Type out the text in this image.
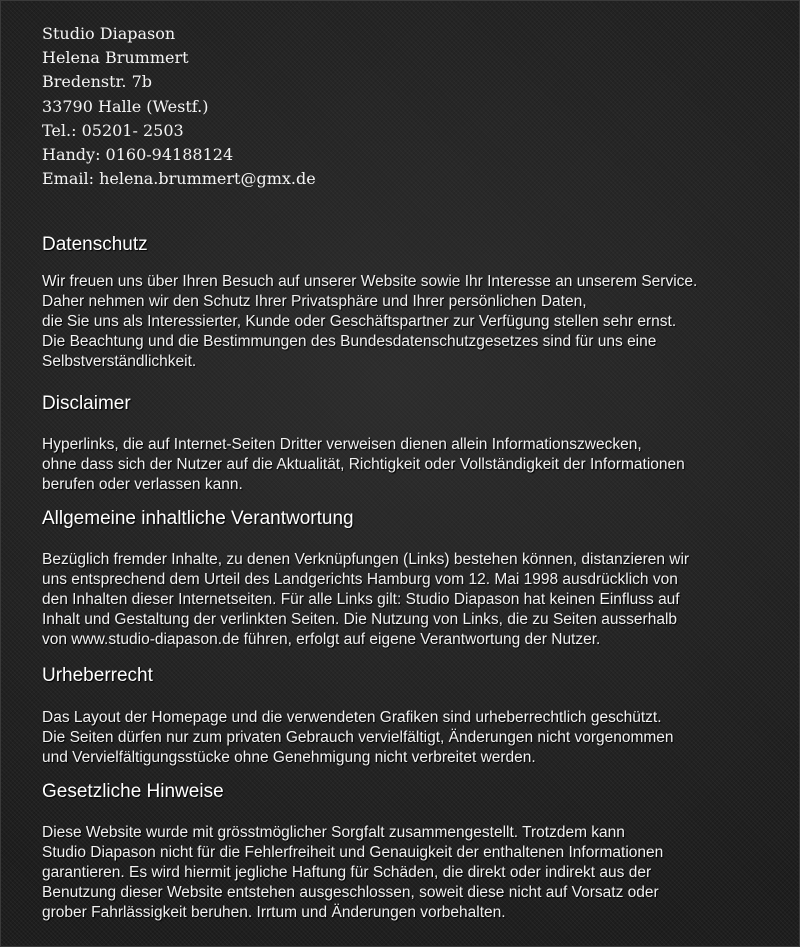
Studio Diapason
Helena Brummert
Bredenstr. 7b
33790 Halle (Westf.)
Tel.: 05201- 2503
Handy: 0160-94188124
Email: helena.brummert@gmx.de
Datenschutz

Wir freuen uns über Ihren Besuch auf unserer Website sowie Ihr Interesse an unserem Service.
Daher nehmen wir den Schutz Ihrer Privatsphäre und Ihrer persönlichen Daten,
die Sie uns als Interessierter, Kunde oder Geschäftspartner zur Verfügung stellen sehr ernst.
Die Beachtung und die Bestimmungen des Bundesdatenschutzgesetzes sind für uns eine
Selbstverständlichkeit.

Disclaimer

Hyperlinks, die auf Internet-Seiten Dritter verweisen dienen allein Informationszwecken,
ohne dass sich der Nutzer auf die Aktualität, Richtigkeit oder Vollständigkeit der Informationen
berufen oder verlassen kann.

Allgemeine inhaltliche Verantwortung

Bezüglich fremder Inhalte, zu denen Verknüpfungen (Links) bestehen können, distanzieren wir
uns entsprechend dem Urteil des Landgerichts Hamburg vom 12. Mai 1998 ausdrücklich von
den Inhalten dieser Internetseiten. Für alle Links gilt: Studio Diapason hat keinen Einfluss auf
Inhalt und Gestaltung der verlinkten Seiten. Die Nutzung von Links, die zu Seiten ausserhalb
von www.studio-diapason.de führen, erfolgt auf eigene Verantwortung der Nutzer.

Urheberrecht

Das Layout der Homepage und die verwendeten Grafiken sind urheberrechtlich geschützt.
Die Seiten dürfen nur zum privaten Gebrauch vervielfältigt, Änderungen nicht vorgenommen
und Vervielfältigungsstücke ohne Genehmigung nicht verbreitet werden.

Gesetzliche Hinweise

Diese Website wurde mit grösstmöglicher Sorgfalt zusammengestellt. Trotzdem kann
Studio Diapason nicht für die Fehlerfreiheit und Genauigkeit der enthaltenen Informationen
garantieren. Es wird hiermit jegliche Haftung für Schäden, die direkt oder indirekt aus der
Benutzung dieser Website entstehen ausgeschlossen, soweit diese nicht auf Vorsatz oder
grober Fahrlässigkeit beruhen. Irrtum und Änderungen vorbehalten.
